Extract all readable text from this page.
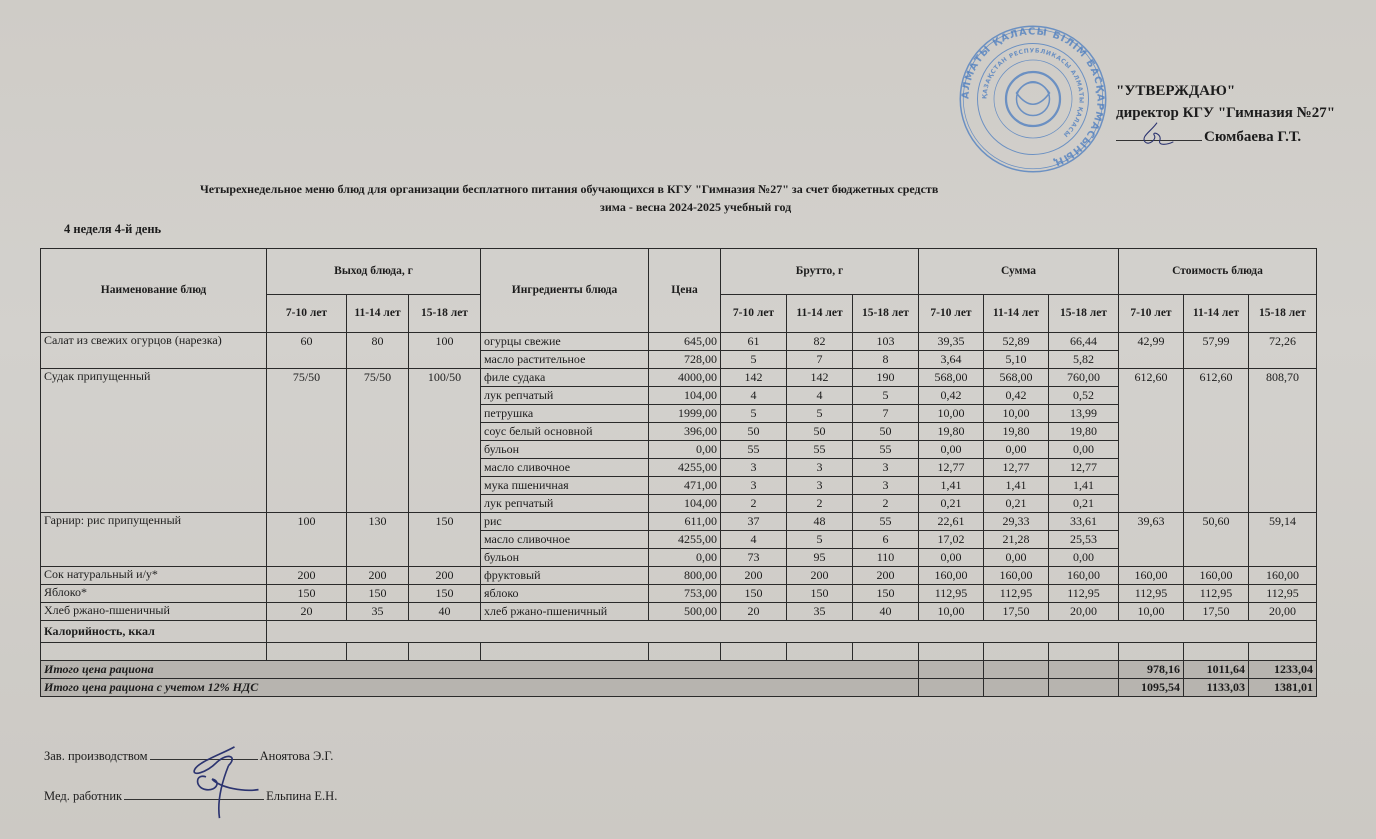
АЛМАТЫ ҚАЛАСЫ БІЛІМ БАСҚАРМАСЫНЫҢ
ҚАЗАҚСТАН РЕСПУБЛИКАСЫ АЛМАТЫ ҚАЛАСЫ
"УТВЕРЖДАЮ"
директор КГУ "Гимназия №27"
Сюмбаева Г.Т.
Четырехнедельное меню блюд для организации бесплатного питания обучающихся в КГУ "Гимназия №27" за счет бюджетных средств
зима - весна 2024-2025 учебный год
4 неделя 4-й день
Наименование блюд	Выход блюда, г			Ингредиенты блюда	Цена	Брутто, г			Сумма			Стоимость блюда		
	7-10 лет	11-14 лет	15-18 лет			7-10 лет	11-14 лет	15-18 лет	7-10 лет	11-14 лет	15-18 лет	7-10 лет	11-14 лет	15-18 лет
Салат из свежих огурцов (нарезка)	60	80	100	огурцы свежие	645,00	61	82	103	39,35	52,89	66,44	42,99	57,99	72,26
				масло растительное	728,00	5	7	8	3,64	5,10	5,82			
Судак припущенный	75/50	75/50	100/50	филе судака	4000,00	142	142	190	568,00	568,00	760,00	612,60	612,60	808,70
				лук репчатый	104,00	4	4	5	0,42	0,42	0,52			
				петрушка	1999,00	5	5	7	10,00	10,00	13,99			
				соус белый основной	396,00	50	50	50	19,80	19,80	19,80			
				бульон	0,00	55	55	55	0,00	0,00	0,00			
				масло сливочное	4255,00	3	3	3	12,77	12,77	12,77			
				мука пшеничная	471,00	3	3	3	1,41	1,41	1,41			
				лук репчатый	104,00	2	2	2	0,21	0,21	0,21			
Гарнир: рис припущенный	100	130	150	рис	611,00	37	48	55	22,61	29,33	33,61	39,63	50,60	59,14
				масло сливочное	4255,00	4	5	6	17,02	21,28	25,53			
				бульон	0,00	73	95	110	0,00	0,00	0,00			
Сок натуральный и/у*	200	200	200	фруктовый	800,00	200	200	200	160,00	160,00	160,00	160,00	160,00	160,00
Яблоко*	150	150	150	яблоко	753,00	150	150	150	112,95	112,95	112,95	112,95	112,95	112,95
Хлеб ржано-пшеничный	20	35	40	хлеб ржано-пшеничный	500,00	20	35	40	10,00	17,50	20,00	10,00	17,50	20,00
Калорийность, ккал														

Итого цена рациона												978,16	1011,64	1233,04
Итого цена рациона с учетом 12% НДС												1095,54	1133,03	1381,01
Зав. производством	Аноятова Э.Г.
Мед. работник	Ельпина Е.Н.
